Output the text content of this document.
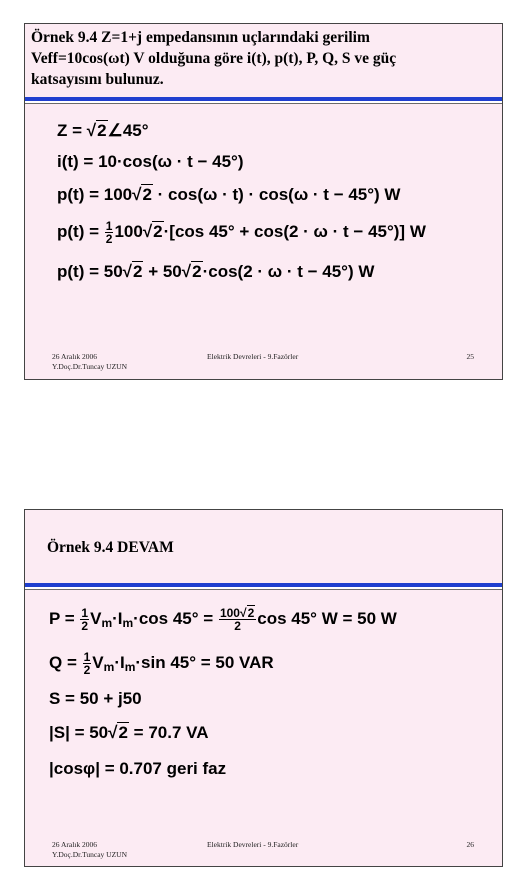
Örnek 9.4 Z=1+j empedansının uçlarındaki gerilim
Veff=10cos(ωt) V olduğuna göre i(t), p(t), P, Q, S ve güç
katsayısını bulunuz.
Z = √2∠45°
i(t) = 10·cos(ω · t − 45°)
p(t) = 100√2 · cos(ω · t) · cos(ω · t − 45°) W
$p(t) = \frac{1}{2} 100√2\cdot[\cos$ 45° + cos(2 · ω · t − 45°)] W
p(t) = 50√2 + 50√2·cos(2 · ω · t − 45°) W
26 Aralık 2006
Y.Doç.Dr.Tuncay UZUN
Elektrik Devreleri - 9.Fazörler	25
Örnek 9.4 DEVAM
$P = \frac{1}{2} V_m\cdot I_m\cdot\cos$ $45^\circ = \frac{100√2}{2}$ cos 45° W = 50 W
$Q = \frac{1}{2} V_m\cdot I_m\cdot\sin$ 45° = 50 VAR
S = 50 + j50
|S| = 50√2 = 70.7 VA
|cosφ| = 0.707 geri faz
26 Aralık 2006
Y.Doç.Dr.Tuncay UZUN
Elektrik Devreleri - 9.Fazörler	26
